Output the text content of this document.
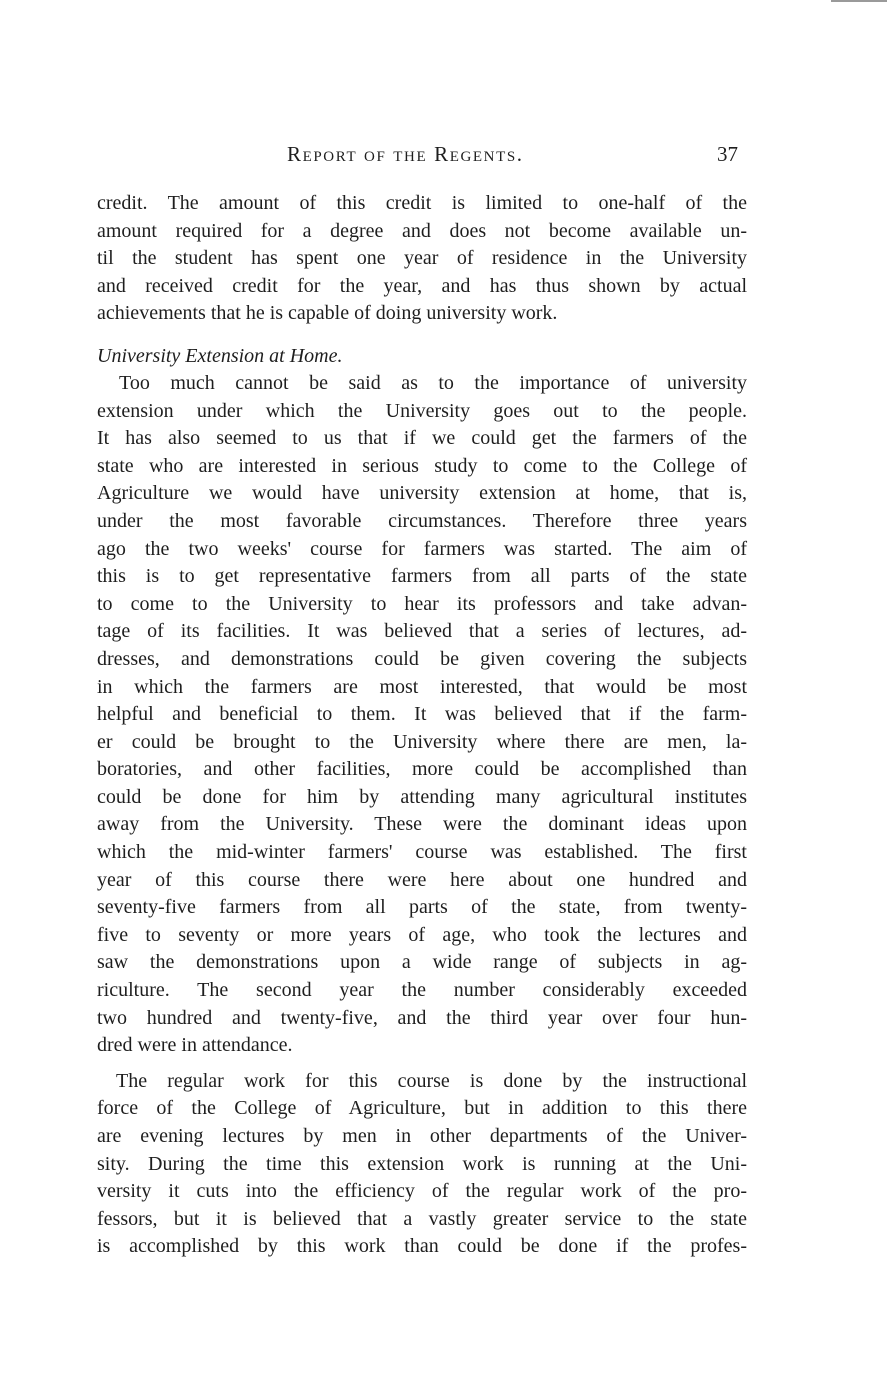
Report of the Regents.	37
credit. The amount of this credit is limited to one-half of the
amount required for a degree and does not become available un-
til the student has spent one year of residence in the University
and received credit for the year, and has thus shown by actual
achievements that he is capable of doing university work.
University Extension at Home.
Too much cannot be said as to the importance of university
extension under which the University goes out to the people.
It has also seemed to us that if we could get the farmers of the
state who are interested in serious study to come to the College of
Agriculture we would have university extension at home, that is,
under the most favorable circumstances. Therefore three years
ago the two weeks' course for farmers was started. The aim of
this is to get representative farmers from all parts of the state
to come to the University to hear its professors and take advan-
tage of its facilities. It was believed that a series of lectures, ad-
dresses, and demonstrations could be given covering the subjects
in which the farmers are most interested, that would be most
helpful and beneficial to them. It was believed that if the farm-
er could be brought to the University where there are men, la-
boratories, and other facilities, more could be accomplished than
could be done for him by attending many agricultural institutes
away from the University. These were the dominant ideas upon
which the mid-winter farmers' course was established. The first
year of this course there were here about one hundred and
seventy-five farmers from all parts of the state, from twenty-
five to seventy or more years of age, who took the lectures and
saw the demonstrations upon a wide range of subjects in ag-
riculture. The second year the number considerably exceeded
two hundred and twenty-five, and the third year over four hun-
dred were in attendance.
The regular work for this course is done by the instructional
force of the College of Agriculture, but in addition to this there
are evening lectures by men in other departments of the Univer-
sity. During the time this extension work is running at the Uni-
versity it cuts into the efficiency of the regular work of the pro-
fessors, but it is believed that a vastly greater service to the state
is accomplished by this work than could be done if the profes-
